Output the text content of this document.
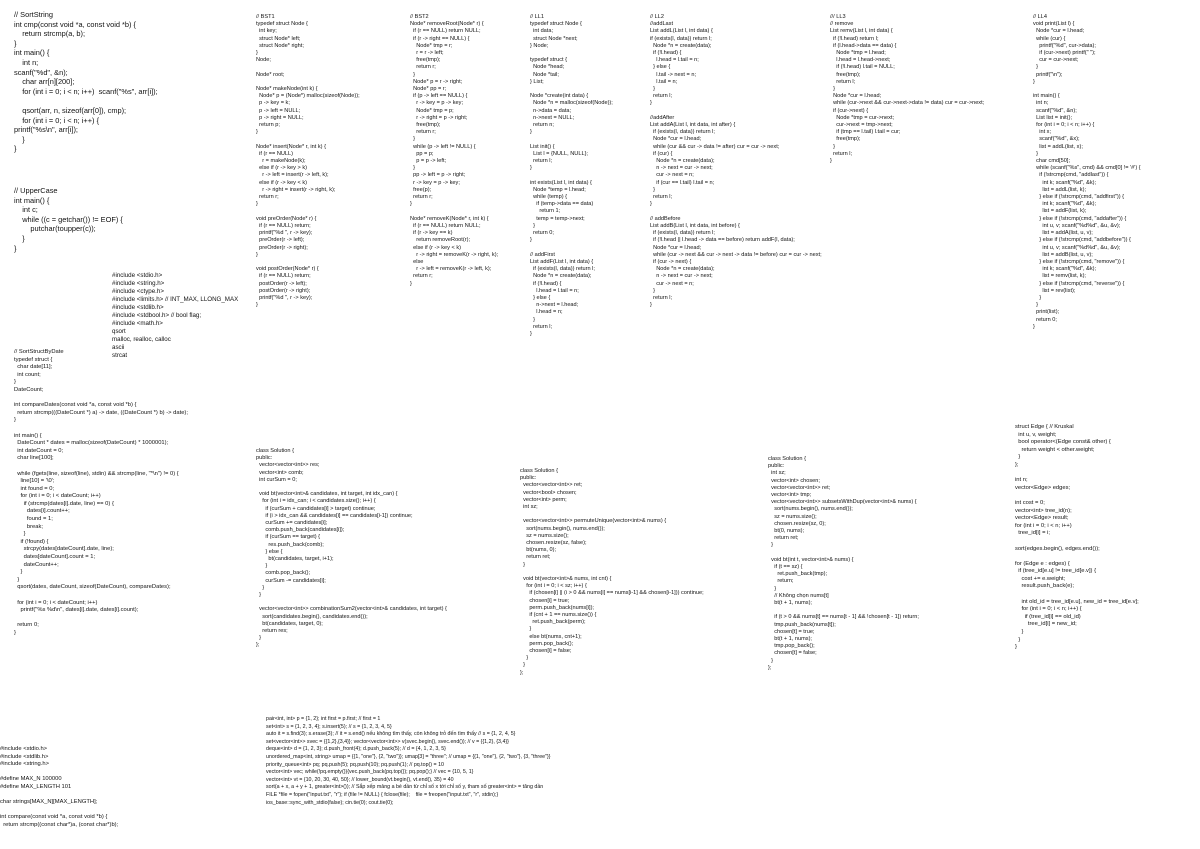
// SortString
int cmp(const void *a, const void *b) {
return strcmp(a, b);
}
int main() {
int n;
scanf("%d", &n);
char arr[n][200];
for (int i = 0; i < n; i++)  scanf("%s", arr[i]);

qsort(arr, n, sizeof(arr[0]), cmp);
for (int i = 0; i < n; i++) {
printf("%s\n", arr[i]);
}
}
// UpperCase
int main() {
int c;
while ((c = getchar()) != EOF) {
putchar(toupper(c));
}
}
#include <stdio.h>
#include <string.h>
#include <ctype.h>
#include <limits.h> // INT_MAX, LLONG_MAX
#include <stdlib.h>
#include <stdbool.h> // bool flag;
#include <math.h>
qsort
malloc, realloc, calloc
ascii
strcat
// SortStructByDate
typedef struct {
char date[11];
int count;
}
DateCount;

int compareDates(const void *a, const void *b) {
return strcmp(((DateCount *) a) -> date, ((DateCount *) b) -> date);
}

int main() {
DateCount * dates = malloc(sizeof(DateCount) * 1000001);
int dateCount = 0;
char line[100];

while (fgets(line, sizeof(line), stdin) && strcmp(line, "*\n") != 0) {
line[10] = '\0';
int found = 0;
for (int i = 0; i < dateCount; i++)
if (strcmp(dates[i].date, line) == 0) {
dates[i].count++;
found = 1;
break;
}
if (!found) {
strcpy(dates[dateCount].date, line);
dates[dateCount].count = 1;
dateCount++;
}
}
qsort(dates, dateCount, sizeof(DateCount), compareDates);

for (int i = 0; i < dateCount; i++)
printf("%s %d\n", dates[i].date, dates[i].count);

return 0;
}
#include <stdio.h>
#include <stdlib.h>
#include <string.h>

#define MAX_N 100000
#define MAX_LENGTH 101

char strings[MAX_N][MAX_LENGTH];

int compare(const void *a, const void *b) {
return strcmp((const char*)a, (const char*)b);
// BST1
typedef struct Node {
int key;
struct Node* left;
struct Node* right;
}
Node;

Node* root;

Node* makeNode(int k) {
Node* p = (Node*) malloc(sizeof(Node));
p -> key = k;
p -> left = NULL;
p -> right = NULL;
return p;
}

Node* insert(Node* r, int k) {
if (r == NULL)
r = makeNode(k);
else if (r -> key > k)
r -> left = insert(r -> left, k);
else if (r -> key < k)
r -> right = insert(r -> right, k);
return r;
}

void preOrder(Node* r) {
if (r == NULL) return;
printf("%d ", r -> key);
preOrder(r -> left);
preOrder(r -> right);
}

void postOrder(Node* r) {
if (r == NULL) return;
postOrder(r -> left);
postOrder(r -> right);
printf("%d ", r -> key);
}
class Solution {
public:
vector<vector<int>> res;
vector<int> comb;
int curSum = 0;

void bt(vector<int>& candidates, int target, int idx_can) {
for (int i = idx_can; i < candidates.size(); i++) {
if (curSum + candidates[i] > target) continue;
if (i > idx_can && candidates[i] == candidates[i-1]) continue;
curSum += candidates[i];
comb.push_back(candidates[i]);
if (curSum == target) {
res.push_back(comb);
} else {
bt(candidates, target, i+1);
}
comb.pop_back();
curSum -= candidates[i];
}
}

vector<vector<int>> combinationSum2(vector<int>& candidates, int target) {
sort(candidates.begin(), candidates.end());
bt(candidates, target, 0);
return res;
}
};
// BST2
Node* removeRoot(Node* r) {
if (r == NULL) return NULL;
if (r -> right == NULL) {
Node* tmp = r;
r = r -> left;
free(tmp);
return r;
}
Node* p = r -> right;
Node* pp = r;
if (p -> left == NULL) {
r -> key = p -> key;
Node* tmp = p;
r -> right = p -> right;
free(tmp);
return r;
}
while (p -> left != NULL) {
pp = p;
p = p -> left;
}
pp -> left = p -> right;
r -> key = p -> key;
free(p);
return r;
}

Node* removeK(Node* r, int k) {
if (r == NULL) return NULL;
if (r -> key == k)
return removeRoot(r);
else if (r -> key < k)
r -> right = removeK(r -> right, k);
else
r -> left = removeK(r -> left, k);
return r;
}
// LL1
typedef struct Node {
int data;
struct Node *next;
} Node;

typedef struct {
Node *head;
Node *tail;
} List;

Node *create(int data) {
Node *n = malloc(sizeof(Node));
n->data = data;
n->next = NULL;
return n;
}

List init() {
List l = {NULL, NULL};
return l;
}

int exists(List l, int data) {
Node *temp = l.head;
while (temp) {
if (temp->data == data)
return 1;
temp = temp->next;
}
return 0;
}

// addFirst
List addF(List l, int data) {
if (exists(l, data)) return l;
Node *n = create(data);
if (!l.head) {
l.head = l.tail = n;
} else {
n->next = l.head;
l.head = n;
}
return l;
}
class Solution {
public:
vector<vector<int>> ret;
vector<bool> chosen;
vector<int> perm;
int sz;

vector<vector<int>> permuteUnique(vector<int>& nums) {
sort(nums.begin(), nums.end());
sz = nums.size();
chosen.resize(sz, false);
bt(nums, 0);
return ret;
}

void bt(vector<int>& nums, int cnt) {
for (int i = 0; i < sz; i++) {
if (chosen[i] || (i > 0 && nums[i] == nums[i-1] && chosen[i-1])) continue;
chosen[i] = true;
perm.push_back(nums[i]);
if (cnt + 1 == nums.size()) {
ret.push_back(perm);
}
else bt(nums, cnt+1);
perm.pop_back();
chosen[i] = false;
}
}
};
// LL2
//addLast
List addL(List l, int data) {
if (exists(l, data)) return l;
Node *n = create(data);
if (!l.head) {
l.head = l.tail = n;
} else {
l.tail -> next = n;
l.tail = n;
}
return l;
}

//addAfter
List addA(List l, int data, int after) {
if (exists(l, data)) return l;
Node *cur = l.head;
while (cur && cur -> data != after) cur = cur -> next;
if (cur) {
Node *n = create(data);
n -> next = cur -> next;
cur -> next = n;
if (cur == l.tail) l.tail = n;
}
return l;
}

// addBefore
List addB(List l, int data, int before) {
if (exists(l, data)) return l;
if (!l.head || l.head -> data == before) return addF(l, data);
Node *cur = l.head;
while (cur -> next && cur -> next -> data != before) cur = cur -> next;
if (cur -> next) {
Node *n = create(data);
n -> next = cur -> next;
cur -> next = n;
}
return l;
}
/// LL3
// remove
List remv(List l, int data) {
if (!l.head) return l;
if (l.head->data == data) {
Node *tmp = l.head;
l.head = l.head->next;
if (!l.head) l.tail = NULL;
free(tmp);
return l;
}
Node *cur = l.head;
while (cur->next && cur->next->data != data) cur = cur->next;
if (cur->next) {
Node *tmp = cur->next;
cur->next = tmp->next;
if (tmp == l.tail) l.tail = cur;
free(tmp);
}
return l;
}
class Solution {
public:
int sz;
vector<int> chosen;
vector<vector<int>> ret;
vector<int> tmp;
vector<vector<int>> subsetsWithDup(vector<int>& nums) {
sort(nums.begin(), nums.end());
sz = nums.size();
chosen.resize(sz, 0);
bt(0, nums);
return ret;
}

void bt(int t, vector<int>& nums) {
if (t == sz) {
ret.push_back(tmp);
return;
}
// Không chọn nums[t]
bt(t + 1, nums);

if (t > 0 && nums[t] == nums[t - 1] && !chosen[t - 1]) return;
tmp.push_back(nums[t]);
chosen[t] = true;
bt(t + 1, nums);
tmp.pop_back();
chosen[t] = false;
}
};
// LL4
void print(List l) {
Node *cur = l.head;
while (cur) {
printf("%d", cur->data);
if (cur->next) printf(" ");
cur = cur->next;
}
printf("\n");
}

int main() {
int n;
scanf("%d", &n);
List list = init();
for (int i = 0; i < n; i++) {
int x;
scanf("%d", &x);
list = addL(list, x);
}
char cmd[50];
while (scanf("%s", cmd) && cmd[0] != '#') {
if (!strcmp(cmd, "addlast")) {
int k; scanf("%d", &k);
list = addL(list, k);
} else if (!strcmp(cmd, "addfirst")) {
int k; scanf("%d", &k);
list = addF(list, k);
} else if (!strcmp(cmd, "addafter")) {
int u, v; scanf("%d%d", &u, &v);
list = addA(list, u, v);
} else if (!strcmp(cmd, "addbefore")) {
int u, v; scanf("%d%d", &u, &v);
list = addB(list, u, v);
} else if (!strcmp(cmd, "remove")) {
int k; scanf("%d", &k);
list = remv(list, k);
} else if (!strcmp(cmd, "reverse")) {
list = rev(list);
}
}
print(list);
return 0;
}
struct Edge { // Kruskal
int u, v, weight;
bool operator<(Edge const& other) {
return weight < other.weight;
}
};

int n;
vector<Edge> edges;

int cost = 0;
vector<int> tree_id(n);
vector<Edge> result;
for (int i = 0; i < n; i++)
tree_id[i] = i;

sort(edges.begin(), edges.end());

for (Edge e : edges) {
if (tree_id[e.u] != tree_id[e.v]) {
cost += e.weight;
result.push_back(e);

int old_id = tree_id[e.u], new_id = tree_id[e.v];
for (int i = 0; i < n; i++) {
if (tree_id[i] == old_id)
tree_id[i] = new_id;
}
}
}
pair<int, int> p = {1, 2}; int first = p.first; // first = 1
set<int> s = {1, 2, 3, 4}; s.insert(5); // s = {1, 2, 3, 4, 5}
auto it = s.find(3); s.erase(3); // it = s.end() nếu không tìm thấy, còn không trỏ đến tìm thấy // s = {1, 2, 4, 5}
set<vector<int>> svec = {{1,2},{3,4}}; vector<vector<int>> v(svec.begin(), svec.end()); // v = {{1,2}, {3,4}}
deque<int> d = {1, 2, 3}; d.push_front(4); d.push_back(5); // d = {4, 1, 2, 3, 5}
unordered_map<int, string> umap = {{1, "one"}, {2, "two"}}; umap[3] = "three"; // umap = {{1, "one"}, {2, "two"}, {3, "three"}}
priority_queue<int> pq; pq.push(5); pq.push(10); pq.push(1); // pq.top() = 10
vector<int> vec; while(!pq.empty()){vec.push_back(pq.top()); pq.pop();} // vec = {10, 5, 1}
vector<int> vt = {10, 20, 30, 40, 50}; // lower_bound(vt.begin(), vt.end(), 35) = 40
sort(a + x, a + y + 1, greater<int>()); // Sắp xếp mảng a bé dần từ chỉ số x tới chỉ số y, tham số greater<int> = tăng dần
FILE *file = fopen("input.txt", "r"); if (file != NULL) { fclose(file);    file = freopen("input.txt", "r", stdin);}
ios_base::sync_with_stdio(false); cin.tie(0); cout.tie(0);
